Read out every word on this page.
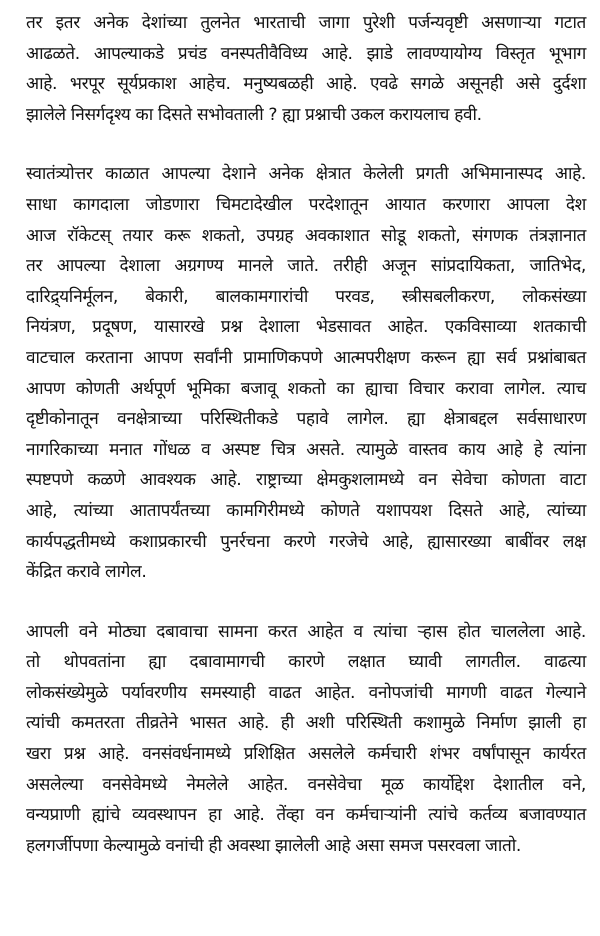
तर इतर अनेक देशांच्या तुलनेत भारताची जागा पुरेशी पर्जन्यवृष्टी असणाऱ्या गटात
आढळते. आपल्याकडे प्रचंड वनस्पतीवैविध्य आहे. झाडे लावण्यायोग्य विस्तृत भूभाग
आहे. भरपूर सूर्यप्रकाश आहेच. मनुष्यबळही आहे. एवढे सगळे असूनही असे दुर्दशा
झालेले निसर्गदृश्य का दिसते सभोवताली ? ह्या प्रश्नाची उकल करायलाच हवी.
स्वातंत्र्योत्तर काळात आपल्या देशाने अनेक क्षेत्रात केलेली प्रगती अभिमानास्पद आहे.
साधा कागदाला जोडणारा चिमटादेखील परदेशातून आयात करणारा आपला देश
आज रॉकेटस् तयार करू शकतो, उपग्रह अवकाशात सोडू शकतो, संगणक तंत्रज्ञानात
तर आपल्या देशाला अग्रगण्य मानले जाते. तरीही अजून सांप्रदायिकता, जातिभेद,
दारिद्र्यनिर्मूलन, बेकारी, बालकामगारांची परवड, स्त्रीसबलीकरण, लोकसंख्या
नियंत्रण, प्रदूषण, यासारखे प्रश्न देशाला भेडसावत आहेत. एकविसाव्या शतकाची
वाटचाल करताना आपण सर्वांनी प्रामाणिकपणे आत्मपरीक्षण करून ह्या सर्व प्रश्नांबाबत
आपण कोणती अर्थपूर्ण भूमिका बजावू शकतो का ह्याचा विचार करावा लागेल. त्याच
दृष्टीकोनातून वनक्षेत्राच्या परिस्थितीकडे पहावे लागेल. ह्या क्षेत्राबद्दल सर्वसाधारण
नागरिकाच्या मनात गोंधळ व अस्पष्ट चित्र असते. त्यामुळे वास्तव काय आहे हे त्यांना
स्पष्टपणे कळणे आवश्यक आहे. राष्ट्राच्या क्षेमकुशलामध्ये वन सेवेचा कोणता वाटा
आहे, त्यांच्या आतापर्यंतच्या कामगिरीमध्ये कोणते यशापयश दिसते आहे, त्यांच्या
कार्यपद्धतीमध्ये कशाप्रकारची पुनर्रचना करणे गरजेचे आहे, ह्यासारख्या बाबींवर लक्ष
केंद्रित करावे लागेल.
आपली वने मोठ्या दबावाचा सामना करत आहेत व त्यांचा ऱ्हास होत चाललेला आहे.
तो थोपवतांना ह्या दबावामागची कारणे लक्षात घ्यावी लागतील. वाढत्या
लोकसंख्येमुळे पर्यावरणीय समस्याही वाढत आहेत. वनोपजांची मागणी वाढत गेल्याने
त्यांची कमतरता तीव्रतेने भासत आहे. ही अशी परिस्थिती कशामुळे निर्माण झाली हा
खरा प्रश्न आहे. वनसंवर्धनामध्ये प्रशिक्षित असलेले कर्मचारी शंभर वर्षांपासून कार्यरत
असलेल्या वनसेवेमध्ये नेमलेले आहेत. वनसेवेचा मूळ कार्योद्देश देशातील वने,
वन्यप्राणी ह्यांचे व्यवस्थापन हा आहे. तेंव्हा वन कर्मचाऱ्यांनी त्यांचे कर्तव्य बजावण्यात
हलगर्जीपणा केल्यामुळे वनांची ही अवस्था झालेली आहे असा समज पसरवला जातो.
